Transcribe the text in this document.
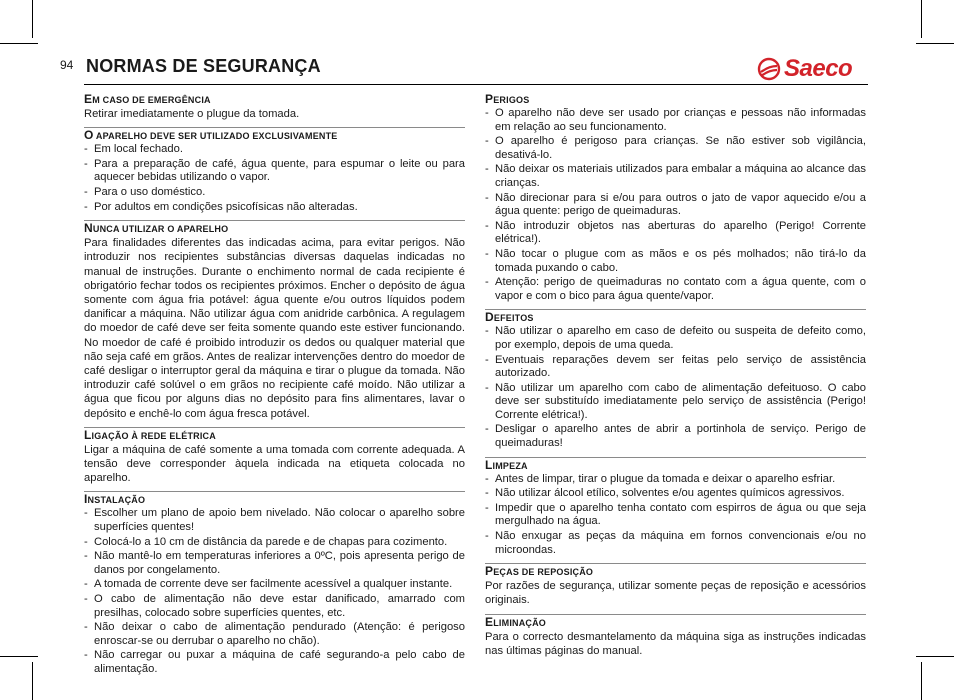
94 NORMAS DE SEGURANÇA	Saeco
EM CASO DE EMERGÊNCIA
Retirar imediatamente o plugue da tomada.
O APARELHO DEVE SER UTILIZADO EXCLUSIVAMENTE
- Em local fechado.
- Para a preparação de café, água quente, para espumar o leite ou para aquecer bebidas utilizando o vapor.
- Para o uso doméstico.
- Por adultos em condições psicofísicas não alteradas.
NUNCA UTILIZAR O APARELHO
Para finalidades diferentes das indicadas acima, para evitar perigos. Não introduzir nos recipientes substâncias diversas daquelas indicadas no manual de instruções. Durante o enchimento normal de cada recipiente é obrigatório fechar todos os recipientes próximos. Encher o depósito de água somente com água fria potável: água quente e/ou outros líquidos podem danificar a máquina. Não utilizar água com anidride carbônica. A regulagem do moedor de café deve ser feita somente quando este estiver funcionando. No moedor de café é proibido introduzir os dedos ou qualquer material que não seja café em grãos. Antes de realizar intervenções dentro do moedor de café desligar o interruptor geral da máquina e tirar o plugue da tomada. Não introduzir café solúvel o em grãos no recipiente café moído. Não utilizar a água que ficou por alguns dias no depósito para fins alimentares, lavar o depósito e enchê-lo com água fresca potável.
LIGAÇÃO À REDE ELÉTRICA
Ligar a máquina de café somente a uma tomada com corrente adequada. A tensão deve corresponder àquela indicada na etiqueta colocada no aparelho.
INSTALAÇÃO
- Escolher um plano de apoio bem nivelado. Não colocar o aparelho sobre superfícies quentes!
- Colocá-lo a 10 cm de distância da parede e de chapas para cozimento.
- Não mantê-lo em temperaturas inferiores a 0ºC, pois apresenta perigo de danos por congelamento.
- A tomada de corrente deve ser facilmente acessível a qualquer instante.
- O cabo de alimentação não deve estar danificado, amarrado com presilhas, colocado sobre superfícies quentes, etc.
- Não deixar o cabo de alimentação pendurado (Atenção: é perigoso enroscar-se ou derrubar o aparelho no chão).
- Não carregar ou puxar a máquina de café segurando-a pelo cabo de alimentação.
PERIGOS
- O aparelho não deve ser usado por crianças e pessoas não informadas em relação ao seu funcionamento.
- O aparelho é perigoso para crianças. Se não estiver sob vigilância, desativá-lo.
- Não deixar os materiais utilizados para embalar a máquina ao alcance das crianças.
- Não direcionar para si e/ou para outros o jato de vapor aquecido e/ou a água quente: perigo de queimaduras.
- Não introduzir objetos nas aberturas do aparelho (Perigo! Corrente elétrica!).
- Não tocar o plugue com as mãos e os pés molhados; não tirá-lo da tomada puxando o cabo.
- Atenção: perigo de queimaduras no contato com a água quente, com o vapor e com o bico para água quente/vapor.
DEFEITOS
- Não utilizar o aparelho em caso de defeito ou suspeita de defeito como, por exemplo, depois de uma queda.
- Eventuais reparações devem ser feitas pelo serviço de assistência autorizado.
- Não utilizar um aparelho com cabo de alimentação defeituoso. O cabo deve ser substituído imediatamente pelo serviço de assistência (Perigo! Corrente elétrica!).
- Desligar o aparelho antes de abrir a portinhola de serviço. Perigo de queimaduras!
LIMPEZA
- Antes de limpar, tirar o plugue da tomada e deixar o aparelho esfriar.
- Não utilizar álcool etílico, solventes e/ou agentes químicos agressivos.
- Impedir que o aparelho tenha contato com espirros de água ou que seja mergulhado na água.
- Não enxugar as peças da máquina em fornos convencionais e/ou no microondas.
PEÇAS DE REPOSIÇÃO
Por razões de segurança, utilizar somente peças de reposição e acessórios originais.
ELIMINAÇÃO
Para o correcto desmantelamento da máquina siga as instruções indicadas nas últimas páginas do manual.
